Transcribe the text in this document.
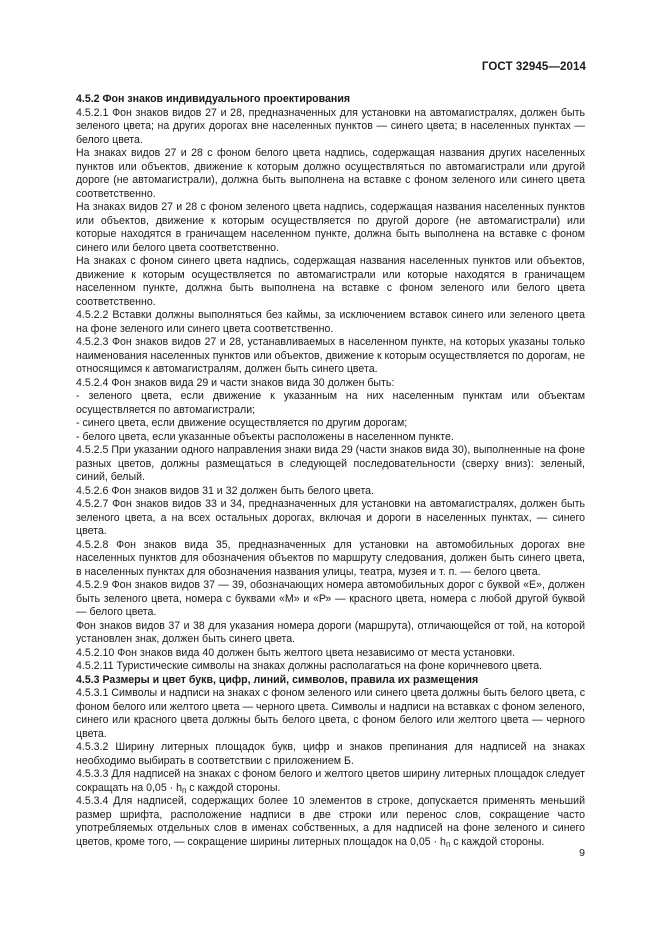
ГОСТ 32945—2014

4.5.2 Фон знаков индивидуального проектирования

4.5.2.1 Фон знаков видов 27 и 28, предназначенных для установки на автомагистралях, должен быть зеленого цвета; на других дорогах вне населенных пунктов — синего цвета; в населенных пунктах — белого цвета.

На знаках видов 27 и 28 с фоном белого цвета надпись, содержащая названия других населенных пунктов или объектов, движение к которым должно осуществляться по автомагистрали или другой дороге (не автомагистрали), должна быть выполнена на вставке с фоном зеленого или синего цвета соответственно.

На знаках видов 27 и 28 с фоном зеленого цвета надпись, содержащая названия населенных пунктов или объектов, движение к которым осуществляется по другой дороге (не автомагистрали) или которые находятся в граничащем населенном пункте, должна быть выполнена на вставке с фоном синего или белого цвета соответственно.

На знаках с фоном синего цвета надпись, содержащая названия населенных пунктов или объектов, движение к которым осуществляется по автомагистрали или которые находятся в граничащем населенном пункте, должна быть выполнена на вставке с фоном зеленого или белого цвета соответственно.

4.5.2.2 Вставки должны выполняться без каймы, за исключением вставок синего или зеленого цвета на фоне зеленого или синего цвета соответственно.

4.5.2.3 Фон знаков видов 27 и 28, устанавливаемых в населенном пункте, на которых указаны только наименования населенных пунктов или объектов, движение к которым осуществляется по дорогам, не относящимся к автомагистралям, должен быть синего цвета.

4.5.2.4 Фон знаков вида 29 и части знаков вида 30 должен быть:

- зеленого цвета, если движение к указанным на них населенным пунктам или объектам осуществляется по автомагистрали;

- синего цвета, если движение осуществляется по другим дорогам;

- белого цвета, если указанные объекты расположены в населенном пункте.

4.5.2.5 При указании одного направления знаки вида 29 (части знаков вида 30), выполненные на фоне разных цветов, должны размещаться в следующей последовательности (сверху вниз): зеленый, синий, белый.

4.5.2.6 Фон знаков видов 31 и 32 должен быть белого цвета.

4.5.2.7 Фон знаков видов 33 и 34, предназначенных для установки на автомагистралях, должен быть зеленого цвета, а на всех остальных дорогах, включая и дороги в населенных пунктах, — синего цвета.

4.5.2.8 Фон знаков вида 35, предназначенных для установки на автомобильных дорогах вне населенных пунктов для обозначения объектов по маршруту следования, должен быть синего цвета, в населенных пунктах для обозначения названия улицы, театра, музея и т. п. — белого цвета.

4.5.2.9 Фон знаков видов 37 — 39, обозначающих номера автомобильных дорог с буквой «Е», должен быть зеленого цвета, номера с буквами «М» и «Р» — красного цвета, номера с любой другой буквой — белого цвета.

Фон знаков видов 37 и 38 для указания номера дороги (маршрута), отличающейся от той, на которой установлен знак, должен быть синего цвета.

4.5.2.10 Фон знаков вида 40 должен быть желтого цвета независимо от места установки.

4.5.2.11 Туристические символы на знаках должны располагаться на фоне коричневого цвета.

4.5.3 Размеры и цвет букв, цифр, линий, символов, правила их размещения

4.5.3.1 Символы и надписи на знаках с фоном зеленого или синего цвета должны быть белого цвета, с фоном белого или желтого цвета — черного цвета. Символы и надписи на вставках с фоном зеленого, синего или красного цвета должны быть белого цвета, с фоном белого или желтого цвета — черного цвета.

4.5.3.2 Ширину литерных площадок букв, цифр и знаков препинания для надписей на знаках необходимо выбирать в соответствии с приложением Б.

4.5.3.3 Для надписей на знаках с фоном белого и желтого цветов ширину литерных площадок следует сокращать на $0,05 \cdot h_п$ с каждой стороны.

4.5.3.4 Для надписей, содержащих более 10 элементов в строке, допускается применять меньший размер шрифта, расположение надписи в две строки или перенос слов, сокращение часто употребляемых отдельных слов в именах собственных, а для надписей на фоне зеленого и синего цветов, кроме того, — сокращение ширины литерных площадок на $0,05 \cdot h_п$ с каждой стороны.

9
